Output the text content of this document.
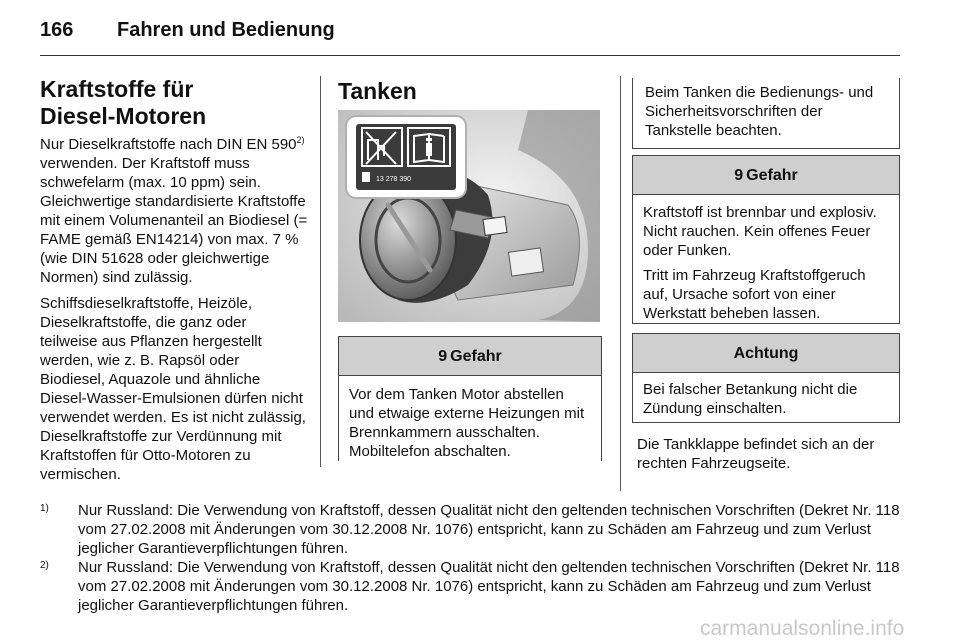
166 Fahren und Bedienung
Kraftstoffe für
Diesel-Motoren

Nur Dieselkraftstoffe nach DIN EN 590$^{2)}$ verwenden. Der Kraftstoff muss schwefelarm (max. 10 ppm) sein. Gleichwertige standardisierte Kraftstoffe mit einem Volumenanteil an Biodiesel (= FAME gemäß EN14214) von max. 7 % (wie DIN 51628 oder gleichwertige Normen) sind zulässig.

Schiffsdieselkraftstoffe, Heizöle, Dieselkraftstoffe, die ganz oder teilweise aus Pflanzen hergestellt werden, wie z. B. Rapsöl oder Biodiesel, Aquazole und ähnliche Diesel-Wasser-Emulsionen dürfen nicht verwendet werden. Es ist nicht zulässig, Dieselkraftstoffe zur Verdünnung mit Kraftstoffen für Otto-Motoren zu vermischen.

Tanken
13 278 390
9 Gefahr

Vor dem Tanken Motor abstellen und etwaige externe Heizungen mit Brennkammern ausschalten. Mobiltelefon abschalten.

Beim Tanken die Bedienungs- und Sicherheitsvorschriften der Tankstelle beachten.
9 Gefahr

Kraftstoff ist brennbar und explosiv. Nicht rauchen. Kein offenes Feuer oder Funken.

Tritt im Fahrzeug Kraftstoffgeruch auf, Ursache sofort von einer Werkstatt beheben lassen.

Achtung

Bei falscher Betankung nicht die Zündung einschalten.

Die Tankklappe befindet sich an der rechten Fahrzeugseite.
1) Nur Russland: Die Verwendung von Kraftstoff, dessen Qualität nicht den geltenden technischen Vorschriften (Dekret Nr. 118 vom 27.02.2008 mit Änderungen vom 30.12.2008 Nr. 1076) entspricht, kann zu Schäden am Fahrzeug und zum Verlust jeglicher Garantieverpflichtungen führen.
2) Nur Russland: Die Verwendung von Kraftstoff, dessen Qualität nicht den geltenden technischen Vorschriften (Dekret Nr. 118 vom 27.02.2008 mit Änderungen vom 30.12.2008 Nr. 1076) entspricht, kann zu Schäden am Fahrzeug und zum Verlust jeglicher Garantieverpflichtungen führen.
carmanualsonline.info
